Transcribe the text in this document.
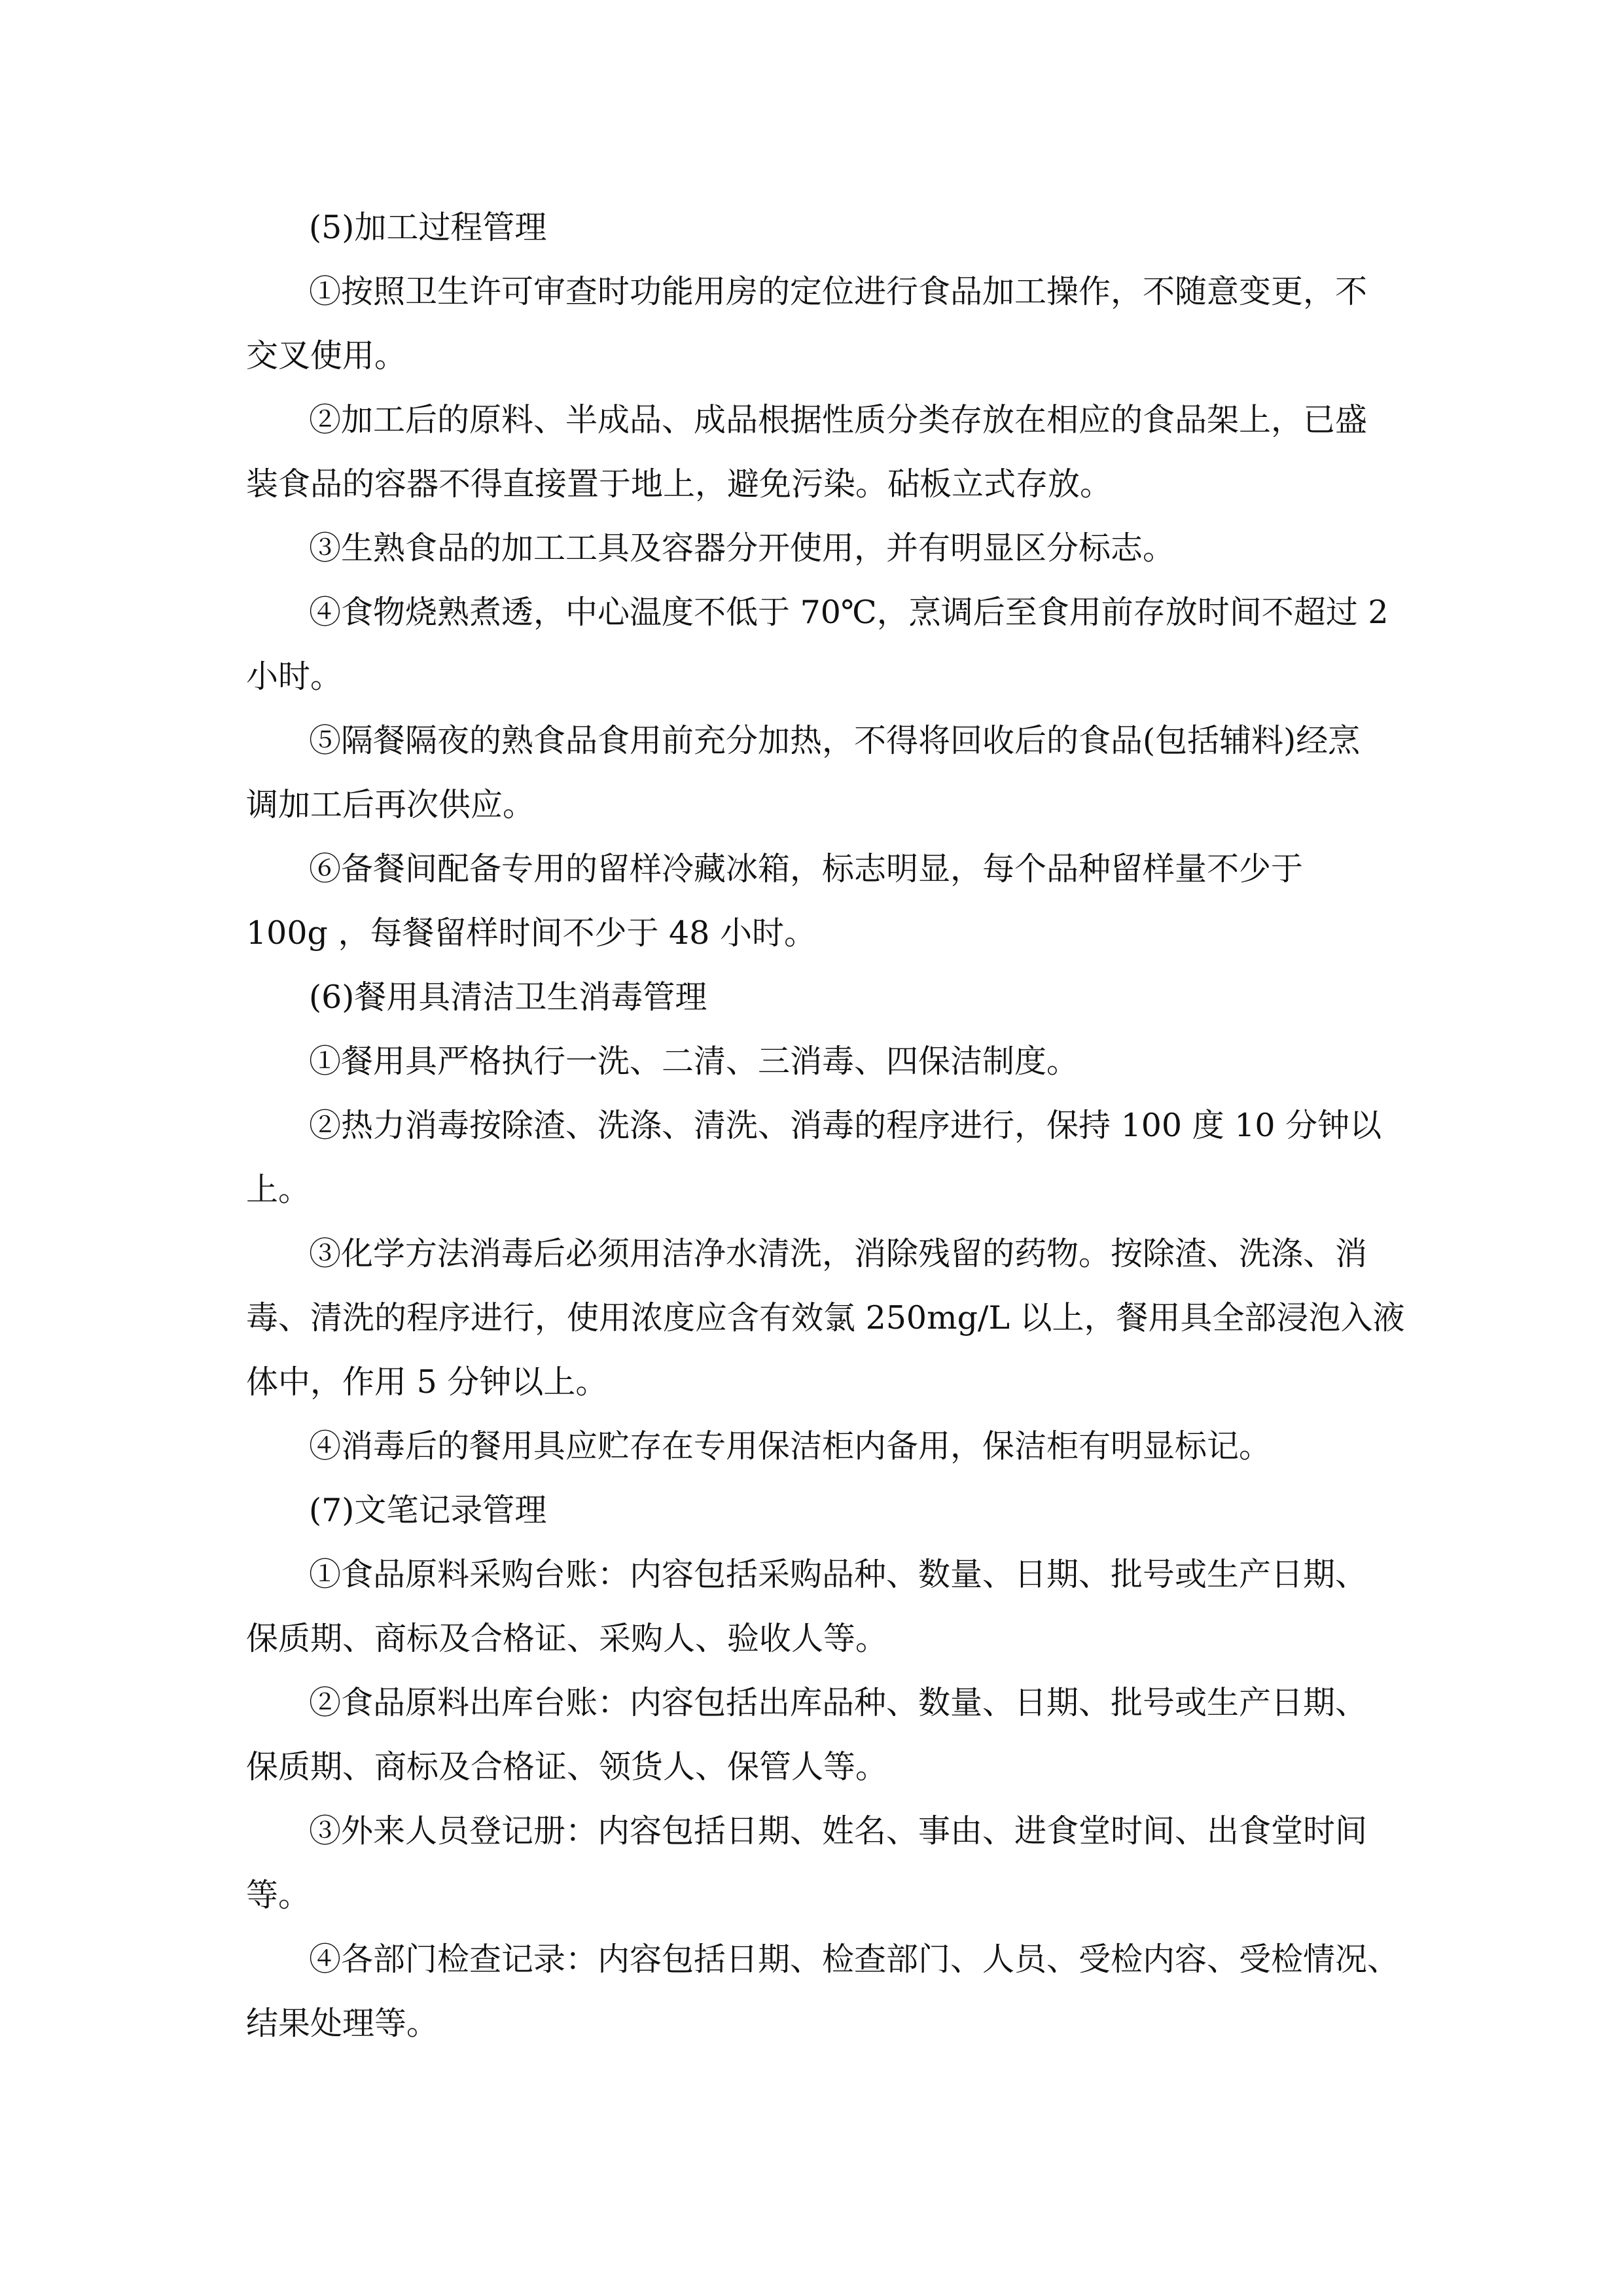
(5)加工过程管理
①按照卫生许可审查时功能用房的定位进行食品加工操作，不随意变更，不
交叉使用。
②加工后的原料、半成品、成品根据性质分类存放在相应的食品架上，已盛
装食品的容器不得直接置于地上，避免污染。砧板立式存放。
③生熟食品的加工工具及容器分开使用，并有明显区分标志。
④食物烧熟煮透，中心温度不低于 70℃，烹调后至食用前存放时间不超过 2
小时。
⑤隔餐隔夜的熟食品食用前充分加热，不得将回收后的食品(包括辅料)经烹
调加工后再次供应。
⑥备餐间配备专用的留样冷藏冰箱，标志明显，每个品种留样量不少于
100g ，每餐留样时间不少于 48 小时。
(6)餐用具清洁卫生消毒管理
①餐用具严格执行一洗、二清、三消毒、四保洁制度。
②热力消毒按除渣、洗涤、清洗、消毒的程序进行，保持 100 度 10 分钟以
上。
③化学方法消毒后必须用洁净水清洗，消除残留的药物。按除渣、洗涤、消
毒、清洗的程序进行，使用浓度应含有效氯 250mg/L 以上，餐用具全部浸泡入液
体中，作用 5 分钟以上。
④消毒后的餐用具应贮存在专用保洁柜内备用，保洁柜有明显标记。
(7)文笔记录管理
①食品原料采购台账：内容包括采购品种、数量、日期、批号或生产日期、
保质期、商标及合格证、采购人、验收人等。
②食品原料出库台账：内容包括出库品种、数量、日期、批号或生产日期、
保质期、商标及合格证、领货人、保管人等。
③外来人员登记册：内容包括日期、姓名、事由、进食堂时间、出食堂时间
等。
④各部门检查记录：内容包括日期、检查部门、人员、受检内容、受检情况、
结果处理等。
